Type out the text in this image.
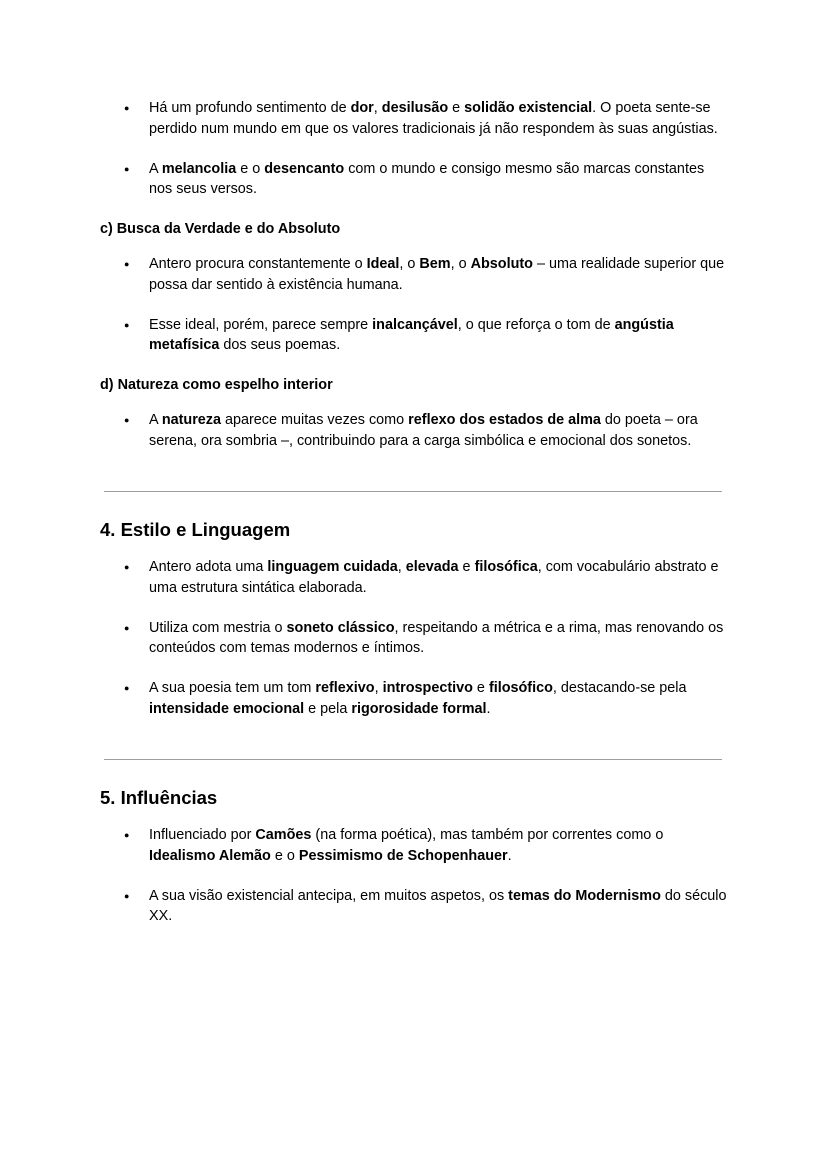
● Há um profundo sentimento de dor, desilusão e solidão existencial. O poeta sente-se perdido num mundo em que os valores tradicionais já não respondem às suas angústias.
● A melancolia e o desencanto com o mundo e consigo mesmo são marcas constantes nos seus versos.
c) Busca da Verdade e do Absoluto
● Antero procura constantemente o Ideal, o Bem, o Absoluto – uma realidade superior que possa dar sentido à existência humana.
● Esse ideal, porém, parece sempre inalcançável, o que reforça o tom de angústia metafísica dos seus poemas.
d) Natureza como espelho interior
● A natureza aparece muitas vezes como reflexo dos estados de alma do poeta – ora serena, ora sombria –, contribuindo para a carga simbólica e emocional dos sonetos.
4. Estilo e Linguagem
● Antero adota uma linguagem cuidada, elevada e filosófica, com vocabulário abstrato e uma estrutura sintática elaborada.
● Utiliza com mestria o soneto clássico, respeitando a métrica e a rima, mas renovando os conteúdos com temas modernos e íntimos.
● A sua poesia tem um tom reflexivo, introspectivo e filosófico, destacando-se pela intensidade emocional e pela rigorosidade formal.
5. Influências
● Influenciado por Camões (na forma poética), mas também por correntes como o Idealismo Alemão e o Pessimismo de Schopenhauer.
● A sua visão existencial antecipa, em muitos aspetos, os temas do Modernismo do século XX.
